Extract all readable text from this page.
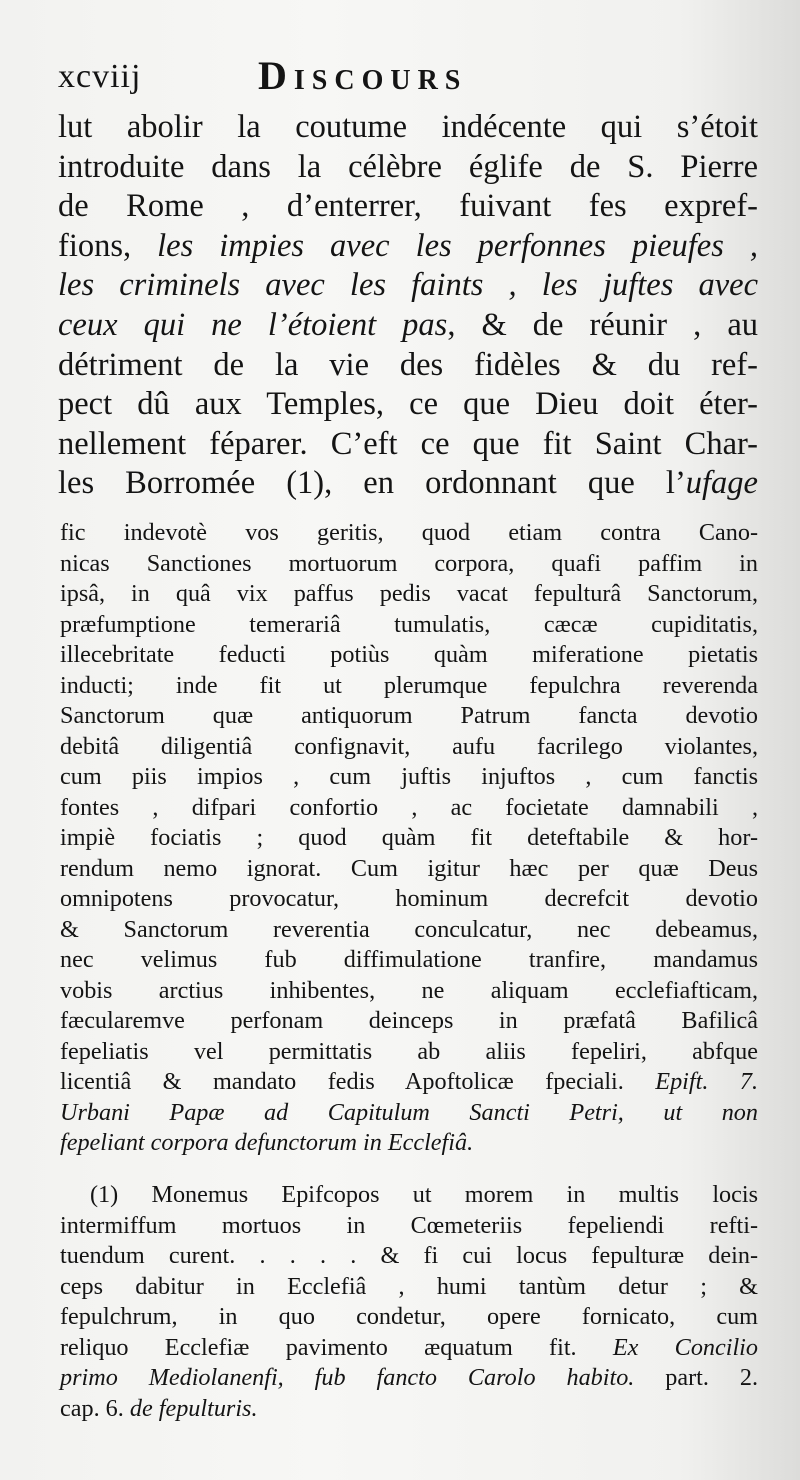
xcviij	Discours
lut abolir la coutume indécente qui s’étoit
introduite dans la célèbre églife de S. Pierre
de Rome , d’enterrer, fuivant fes expref-
fions, les impies avec les perfonnes pieufes ,
les criminels avec les faints , les juftes avec
ceux qui ne l’étoient pas, & de réunir , au
détriment de la vie des fidèles & du ref-
pect dû aux Temples, ce que Dieu doit éter-
nellement féparer. C’eft ce que fit Saint Char-
les Borromée (1), en ordonnant que l’ufage
fic indevotè vos geritis, quod etiam contra Cano-
nicas Sanctiones mortuorum corpora, quafi paffim in
ipsâ, in quâ vix paffus pedis vacat fepulturâ Sanctorum,
præfumptione temerariâ tumulatis, cæcæ cupiditatis,
illecebritate feducti potiùs quàm miferatione pietatis
inducti; inde fit ut plerumque fepulchra reverenda
Sanctorum quæ antiquorum Patrum fancta devotio
debitâ diligentiâ confignavit, aufu facrilego violantes,
cum piis impios , cum juftis injuftos , cum fanctis
fontes , difpari confortio , ac focietate damnabili ,
impiè fociatis ; quod quàm fit deteftabile & hor-
rendum nemo ignorat. Cum igitur hæc per quæ Deus
omnipotens provocatur, hominum decrefcit devotio
& Sanctorum reverentia conculcatur, nec debeamus,
nec velimus fub diffimulatione tranfire, mandamus
vobis arctius inhibentes, ne aliquam ecclefiafticam,
fæcularemve perfonam deinceps in præfatâ Bafilicâ
fepeliatis vel permittatis ab aliis fepeliri, abfque
licentiâ & mandato fedis Apoftolicæ fpeciali. Epift. 7.
Urbani Papæ ad Capitulum Sancti Petri, ut non
fepeliant corpora defunctorum in Ecclefiâ.
(1) Monemus Epifcopos ut morem in multis locis
intermiffum mortuos in Cœmeteriis fepeliendi refti-
tuendum curent. . . . . & fi cui locus fepulturæ dein-
ceps dabitur in Ecclefiâ , humi tantùm detur ; &
fepulchrum, in quo condetur, opere fornicato, cum
reliquo Ecclefiæ pavimento æquatum fit. Ex Concilio
primo Mediolanenfi, fub fancto Carolo habito. part. 2.
cap. 6. de fepulturis.
